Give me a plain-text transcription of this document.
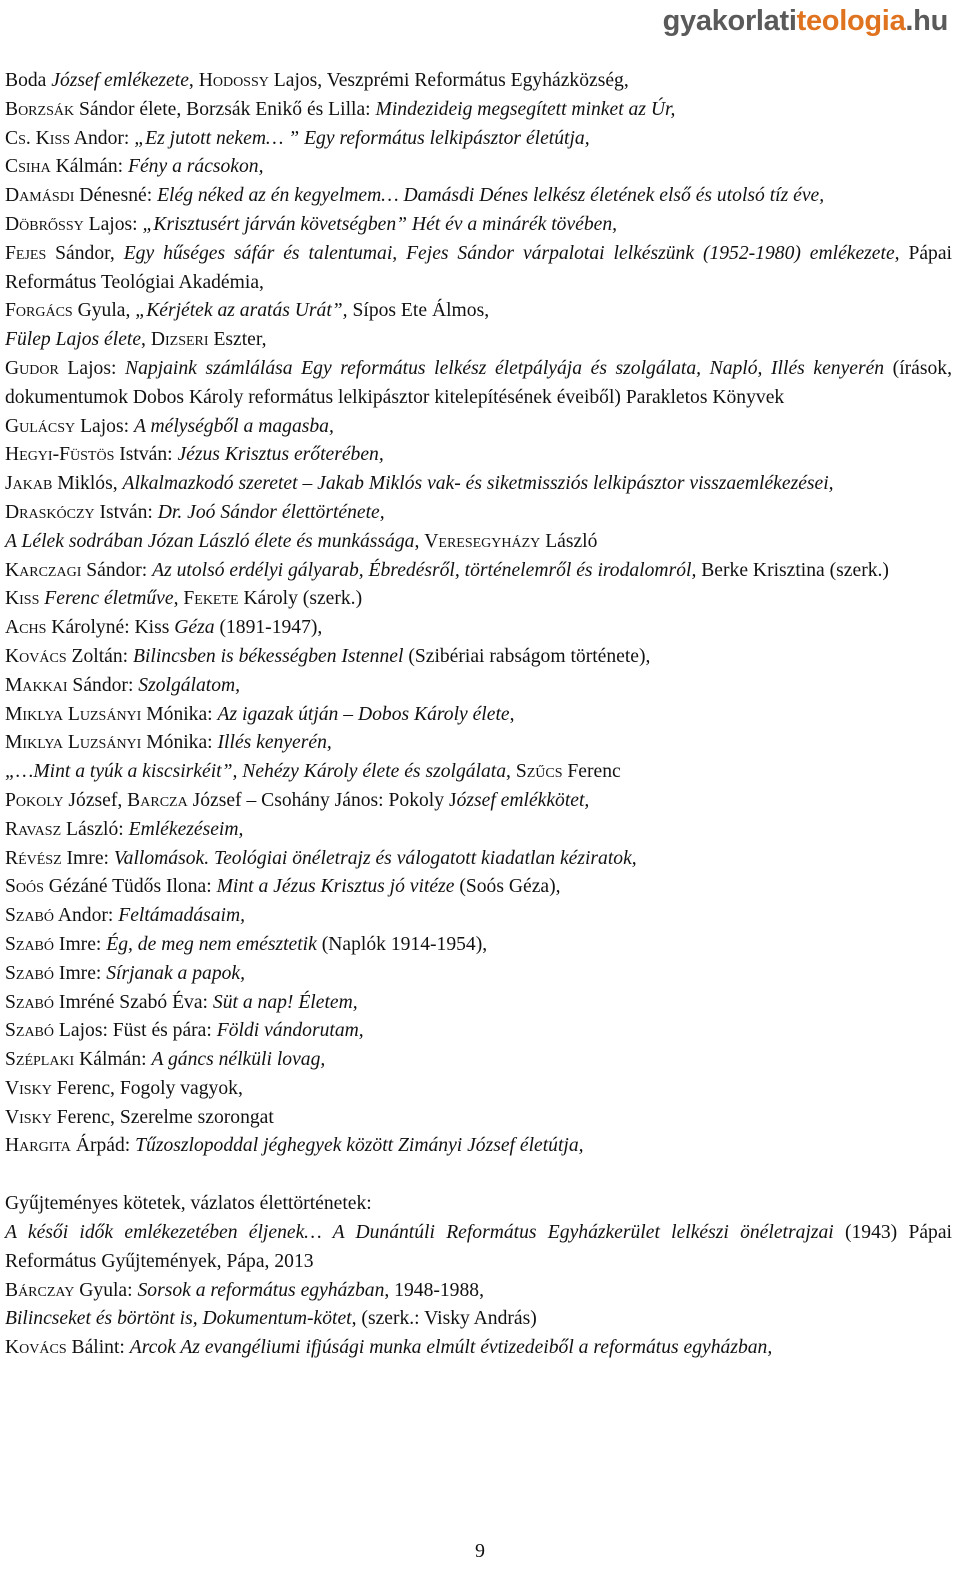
gyakorlatiteologia.hu

Boda József emlékezete, Hodossy Lajos, Veszprémi Református Egyházközség,

Borzsák Sándor élete, Borzsák Enikő és Lilla: Mindezideig megsegített minket az Úr,

Cs. Kiss Andor: „Ez jutott nekem… ” Egy református lelkipásztor életútja,

Csiha Kálmán: Fény a rácsokon,

Damásdi Dénesné: Elég néked az én kegyelmem… Damásdi Dénes lelkész életének első és utolsó tíz éve,

Döbrőssy Lajos: „Krisztusért járván követségben” Hét év a minárék tövében,

Fejes Sándor, Egy hűséges sáfár és talentumai, Fejes Sándor várpalotai lelkészünk (1952-1980) emlékezete, Pápai Református Teológiai Akadémia,

Forgács Gyula, „Kérjétek az aratás Urát”, Sípos Ete Álmos,

Fülep Lajos élete, Dizseri Eszter,

Gudor Lajos: Napjaink számlálása Egy református lelkész életpályája és szolgálata, Napló, Illés kenyerén (írások, dokumentumok Dobos Károly református lelkipásztor kitelepítésének éveiből) Parakletos Könyvek

Gulácsy Lajos: A mélységből a magasba,

Hegyi-Füstös István: Jézus Krisztus erőterében,

Jakab Miklós, Alkalmazkodó szeretet – Jakab Miklós vak- és siketmissziós lelkipásztor visszaemlékezései,

Draskóczy István: Dr. Joó Sándor élettörténete,

A Lélek sodrában Józan László élete és munkássága, Veresegyházy László

Karczagi Sándor: Az utolsó erdélyi gályarab, Ébredésről, történelemről és irodalomról, Berke Krisztina (szerk.)

Kiss Ferenc életműve, Fekete Károly (szerk.)

Achs Károlyné: Kiss Géza (1891-1947),

Kovács Zoltán: Bilincsben is békességben Istennel (Szibériai rabságom története),

Makkai Sándor: Szolgálatom,

Miklya Luzsányi Mónika: Az igazak útján – Dobos Károly élete,

Miklya Luzsányi Mónika: Illés kenyerén,

„…Mint a tyúk a kiscsirkéit”, Nehézy Károly élete és szolgálata, Szűcs Ferenc

Pokoly József, Barcza József – Csohány János: Pokoly József emlékkötet,

Ravasz László: Emlékezéseim,

Révész Imre: Vallomások. Teológiai önéletrajz és válogatott kiadatlan kéziratok,

Soós Gézáné Tüdős Ilona: Mint a Jézus Krisztus jó vitéze (Soós Géza),

Szabó Andor: Feltámadásaim,

Szabó Imre: Ég, de meg nem emésztetik (Naplók 1914-1954),

Szabó Imre: Sírjanak a papok,

Szabó Imréné Szabó Éva: Süt a nap! Életem,

Szabó Lajos: Füst és pára: Földi vándorutam,

Széplaki Kálmán: A gáncs nélküli lovag,

Visky Ferenc, Fogoly vagyok,

Visky Ferenc, Szerelme szorongat

Hargita Árpád: Tűzoszlopoddal jéghegyek között Zimányi József életútja,

Gyűjteményes kötetek, vázlatos élettörténetek:

A késői idők emlékezetében éljenek… A Dunántúli Református Egyházkerület lelkészi önéletrajzai (1943) Pápai Református Gyűjtemények, Pápa, 2013

Bárczay Gyula: Sorsok a református egyházban, 1948-1988,

Bilincseket és börtönt is, Dokumentum-kötet, (szerk.: Visky András)

Kovács Bálint: Arcok Az evangéliumi ifjúsági munka elmúlt évtizedeiből a református egyházban,

9
